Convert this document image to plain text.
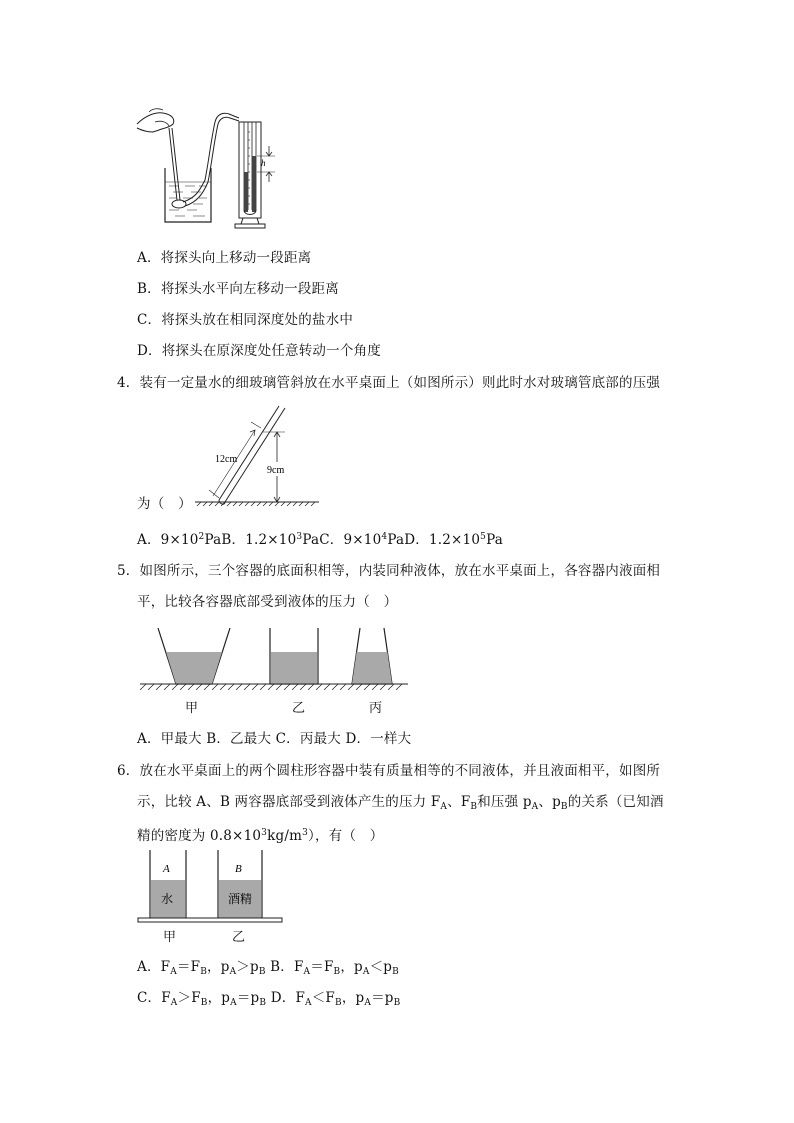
h
A．将探头向上移动一段距离
B．将探头水平向左移动一段距离
C．将探头放在相同深度处的盐水中
D．将探头在原深度处任意转动一个角度
4．装有一定量水的细玻璃管斜放在水平桌面上（如图所示）则此时水对玻璃管底部的压强
12cm
9cm
为（　）
A．$9\times 10^2PaB$．$1.2\times 10^3PaC$．$9\times 10^4PaD$．$1.2\times 10^5Pa$
5．如图所示，三个容器的底面积相等，内装同种液体，放在水平桌面上，各容器内液面相
平，比较各容器底部受到液体的压力（　）
甲	乙	丙
A．甲最大 B．乙最大 C．丙最大 D．一样大
6．放在水平桌面上的两个圆柱形容器中装有质量相等的不同液体，并且液面相平，如图所
示，比较 A、B 两容器底部受到液体产生的压力 $F_A$、$F_B$和压强 $p_A$、$p_B$的关系（已知酒
精的密度为 $0.8\times 10^3kg/m^3$），有（　）
A
水
B
酒精
甲	乙
A．$F_A=F_B$，$p_A>p_B$ B．$F_A=F_B$，$p_A<p_B$
C．$F_A>F_B$，$p_A=p_B$ D．$F_A<F_B$，$p_A=p_B$
